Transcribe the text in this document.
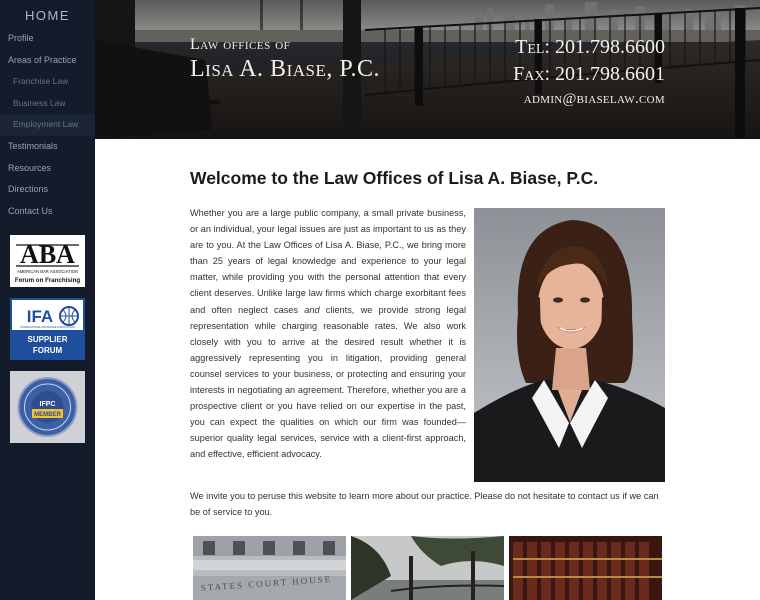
HOME
Profile
Areas of Practice
Franchise Law
Business Law
Employment Law
Testimonials
Resources
Directions
Contact Us
ABA
AMERICAN BAR ASSOCIATION
Forum on Franchising
IFA
INTERNATIONAL FRANCHISE ASSOCIATION
SUPPLIER
FORUM
IFPC
MEMBER
Law offices of
Lisa A. Biase, P.C.
Tel: 201.798.6600
Fax: 201.798.6601
admin@biaselaw.com
Welcome to the Law Offices of Lisa A. Biase, P.C.

Whether you are a large public company, a small private business, or an individual, your legal issues are just as important to us as they are to you. At the Law Offices of Lisa A. Biase, P.C., we bring more than 25 years of legal knowledge and experience to your legal matter, while providing you with the personal attention that every client deserves. Unlike large law firms which charge exorbitant fees and often neglect cases and clients, we provide strong legal representation while charging reasonable rates. We also work closely with you to arrive at the desired result whether it is aggressively representing you in litigation, providing general counsel services to your business, or protecting and ensuring your interests in negotiating an agreement. Therefore, whether you are a prospective client or you have relied on our expertise in the past, you can expect the qualities on which our firm was founded—superior quality legal services, service with a client-first approach, and effective, efficient advocacy.

We invite you to peruse this website to learn more about our practice. Please do not hesitate to contact us if we can be of service to you.

STATES COURT HOUSE
